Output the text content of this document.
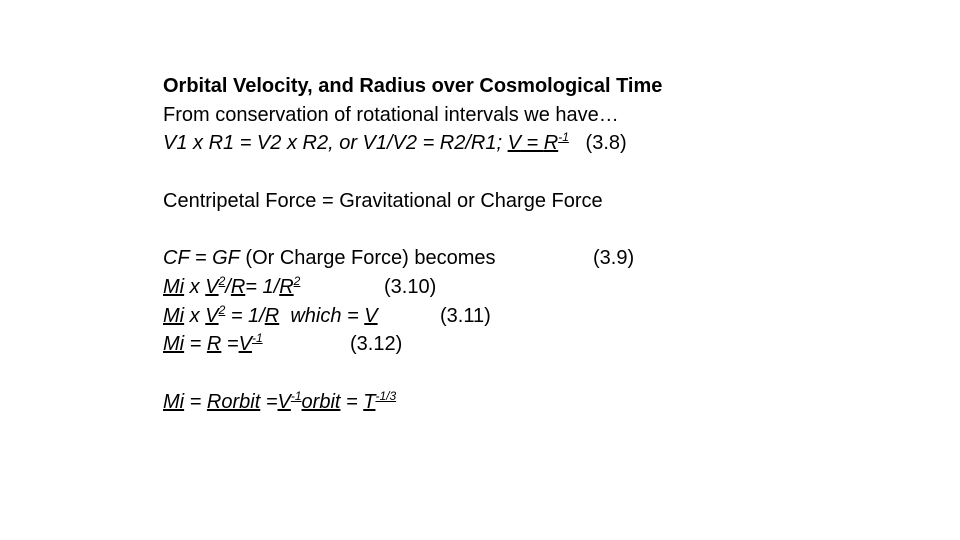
Orbital Velocity, and Radius over Cosmological Time
From conservation of rotational intervals we have…
V1 x R1 = V2 x R2, or V1/V2 = R2/R1; $V = R^{-1}$ (3.8)
Centripetal Force = Gravitational or Charge Force
CF = GF (Or Charge Force) becomes	(3.9)
Mi x $V^2/R= 1/R^2$	(3.10)
Mi x $V^2 = 1/R$  which = V	(3.11)
$Mi = R =V^{-1}$	(3.12)
Mi = Rorbit $=V^{-1}orbit = T^{-1/3}$
